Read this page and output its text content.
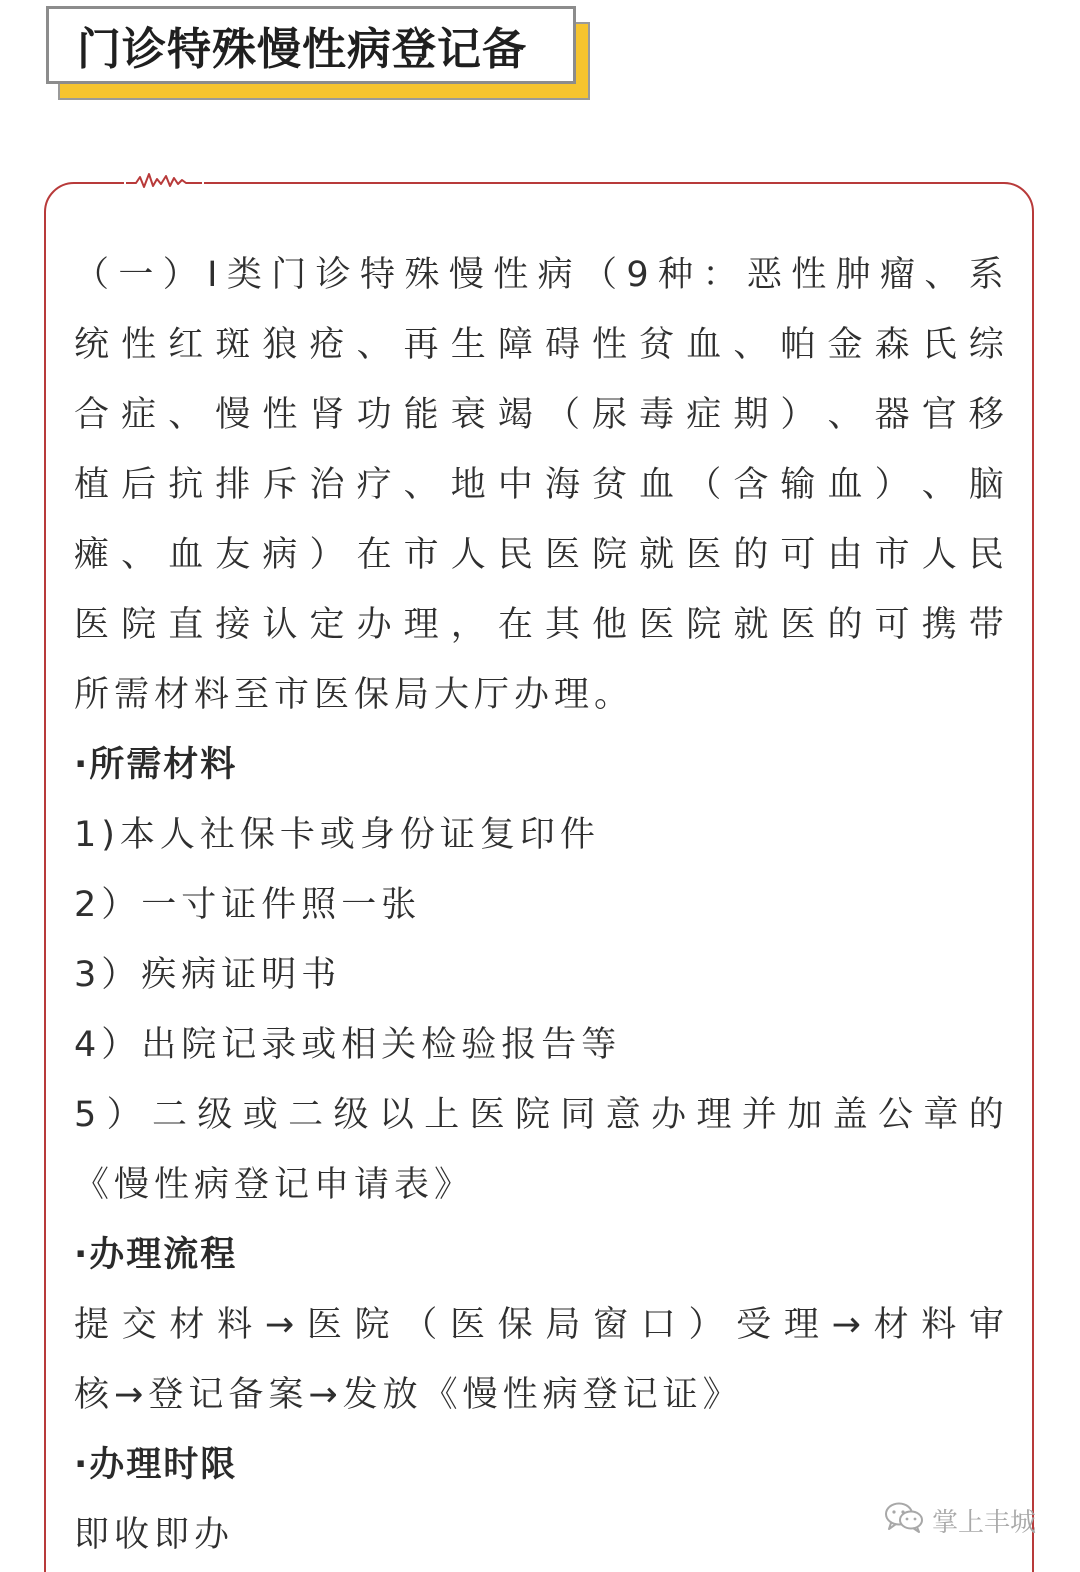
门诊特殊慢性病登记备
（ 一 ） I 类 门 诊 特 殊 慢 性 病 （ 9 种 ： 恶 性 肿 瘤 、 系
统 性 红 斑 狼 疮 、 再 生 障 碍 性 贫 血 、 帕 金 森 氏 综
合 症 、 慢 性 肾 功 能 衰 竭 （ 尿 毒 症 期 ） 、 器 官 移
植 后 抗 排 斥 治 疗 、 地 中 海 贫 血 （ 含 输 血 ） 、 脑
瘫 、 血 友 病 ） 在 市 人 民 医 院 就 医 的 可 由 市 人 民
医 院 直 接 认 定 办 理 ， 在 其 他 医 院 就 医 的 可 携 带
所需材料至市医保局大厅办理。
·所需材料
1)本人社保卡或身份证复印件
2）一寸证件照一张
3）疾病证明书
4）出院记录或相关检验报告等
5 ） 二 级 或 二 级 以 上 医 院 同 意 办 理 并 加 盖 公 章 的
《慢性病登记申请表》
·办理流程
提 交 材 料 → 医 院 （ 医 保 局 窗 口 ） 受 理 → 材 料 审
核→登记备案→发放《慢性病登记证》
·办理时限
即收即办	掌上丰城
